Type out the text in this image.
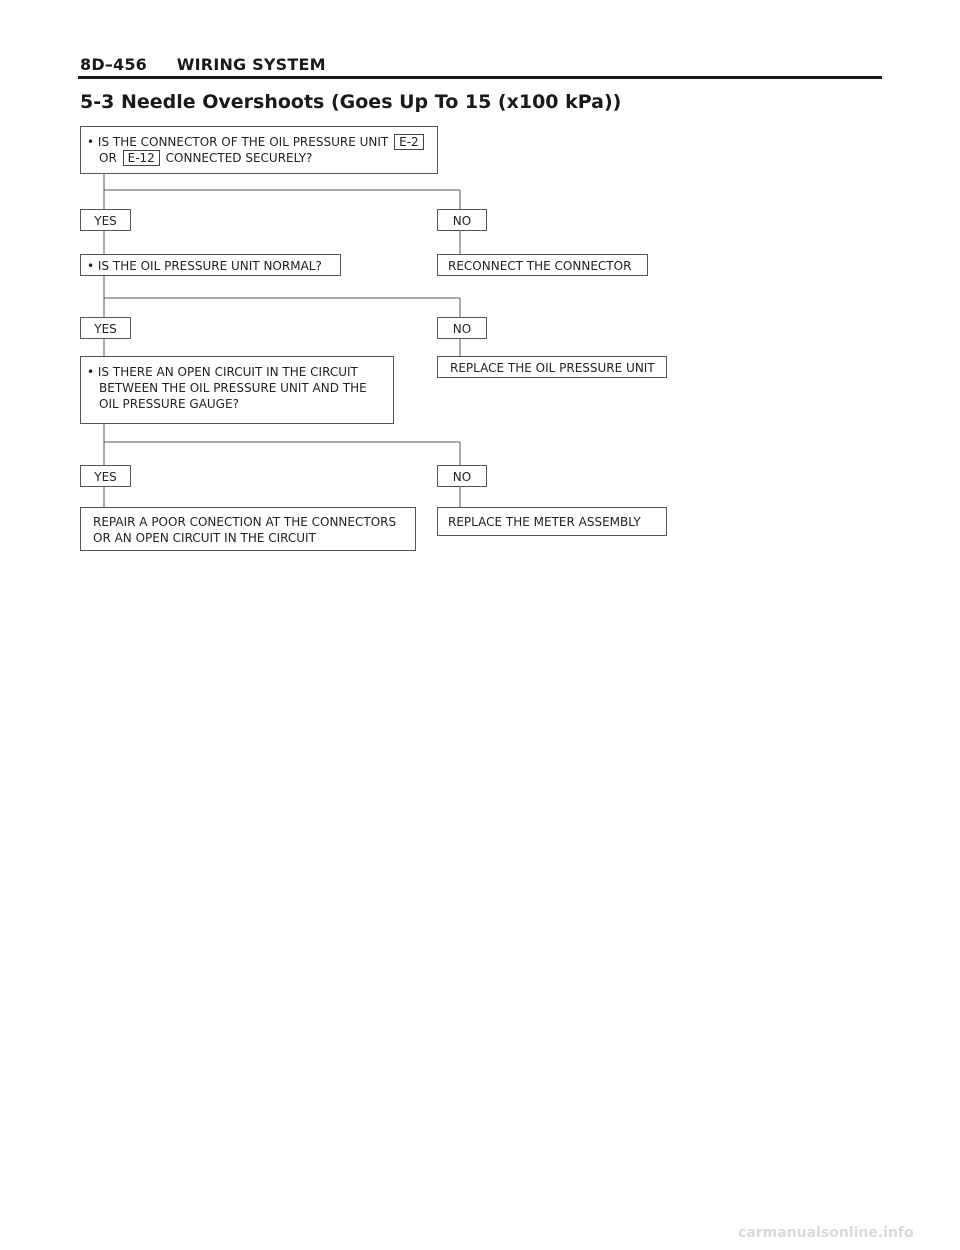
8D–456 WIRING SYSTEM
5-3 Needle Overshoots (Goes Up To 15 (x100 kPa))
• IS THE CONNECTOR OF THE OIL PRESSURE UNIT E-2
OR E-12 CONNECTED SECURELY?
YES	NO
• IS THE OIL PRESSURE UNIT NORMAL?	RECONNECT THE CONNECTOR
YES	NO
• IS THERE AN OPEN CIRCUIT IN THE CIRCUIT
BETWEEN THE OIL PRESSURE UNIT AND THE
OIL PRESSURE GAUGE?
REPLACE THE OIL PRESSURE UNIT
YES	NO
REPAIR A POOR CONECTION AT THE CONNECTORS
OR AN OPEN CIRCUIT IN THE CIRCUIT
REPLACE THE METER ASSEMBLY
carmanualsonline.info
